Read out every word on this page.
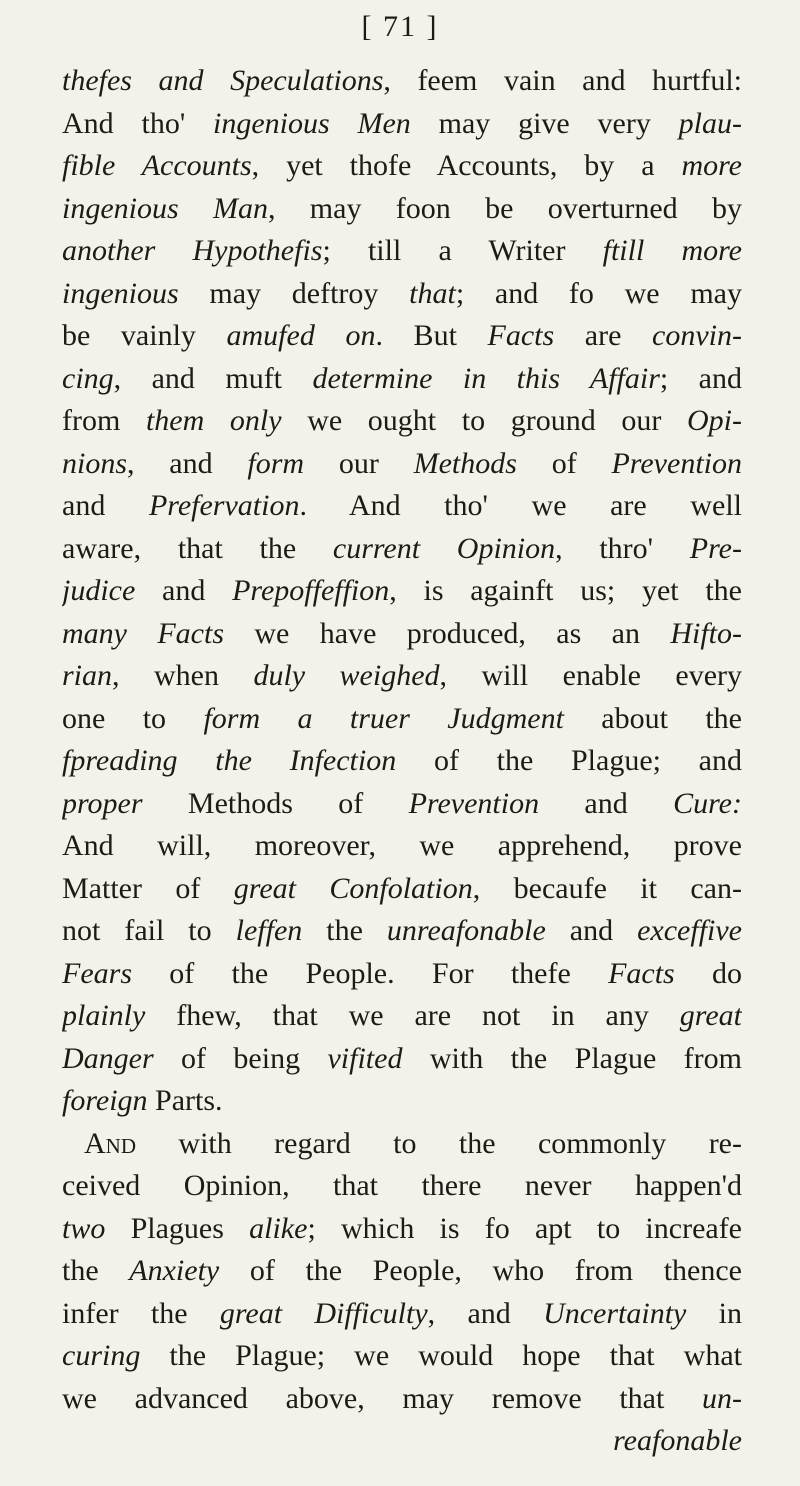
[ 71 ]
thefes and Speculations, feem vain and hurtful:
And tho' ingenious Men may give very plau-
fible Accounts, yet thofe Accounts, by a more
ingenious Man, may foon be overturned by
another Hypothefis; till a Writer ftill more
ingenious may deftroy that; and fo we may
be vainly amufed on. But Facts are convin-
cing, and muft determine in this Affair; and
from them only we ought to ground our Opi-
nions, and form our Methods of Prevention
and Prefervation. And tho' we are well
aware, that the current Opinion, thro' Pre-
judice and Prepoffeffion, is againft us; yet the
many Facts we have produced, as an Hifto-
rian, when duly weighed, will enable every
one to form a truer Judgment about the
fpreading the Infection of the Plague; and
proper Methods of Prevention and Cure:
And will, moreover, we apprehend, prove
Matter of great Confolation, becaufe it can-
not fail to leffen the unreafonable and exceffive
Fears of the People. For thefe Facts do
plainly fhew, that we are not in any great
Danger of being vifited with the Plague from
foreign Parts.
And with regard to the commonly re-
ceived Opinion, that there never happen'd
two Plagues alike; which is fo apt to increafe
the Anxiety of the People, who from thence
infer the great Difficulty, and Uncertainty in
curing the Plague; we would hope that what
we advanced above, may remove that un-
reafonable
